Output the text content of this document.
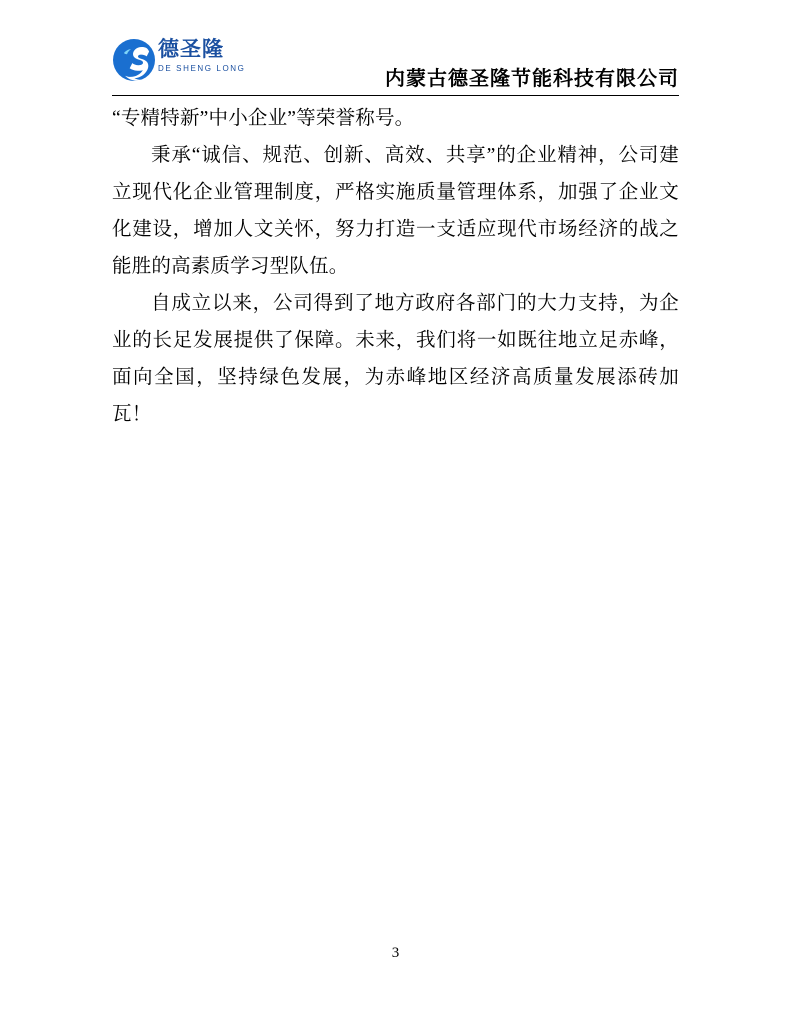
德圣隆
DE SHENG LONG	内蒙古德圣隆节能科技有限公司

“专精特新”中小企业”等荣誉称号。

秉承“诚信、规范、创新、高效、共享”的企业精神，公司建立现代化企业管理制度，严格实施质量管理体系，加强了企业文化建设，增加人文关怀，努力打造一支适应现代市场经济的战之能胜的高素质学习型队伍。

自成立以来，公司得到了地方政府各部门的大力支持，为企业的长足发展提供了保障。未来，我们将一如既往地立足赤峰，面向全国，坚持绿色发展，为赤峰地区经济高质量发展添砖加瓦！

3
